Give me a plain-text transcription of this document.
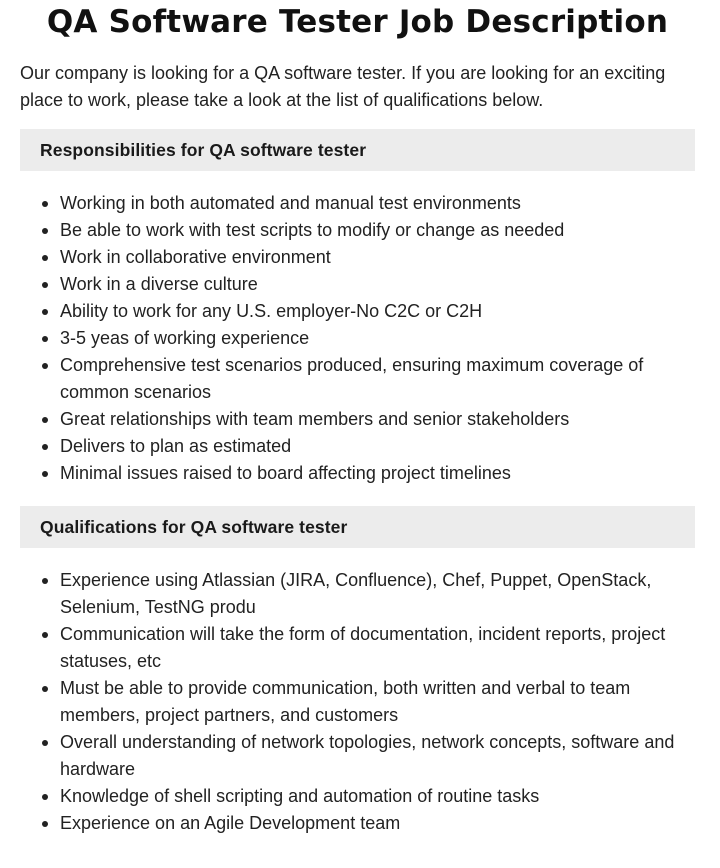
QA Software Tester Job Description

Our company is looking for a QA software tester. If you are looking for an exciting place to work, please take a look at the list of qualifications below.

Responsibilities for QA software tester
Working in both automated and manual test environments
Be able to work with test scripts to modify or change as needed
Work in collaborative environment
Work in a diverse culture
Ability to work for any U.S. employer-No C2C or C2H
3-5 yeas of working experience
Comprehensive test scenarios produced, ensuring maximum coverage of common scenarios
Great relationships with team members and senior stakeholders
Delivers to plan as estimated
Minimal issues raised to board affecting project timelines
Qualifications for QA software tester
Experience using Atlassian (JIRA, Confluence), Chef, Puppet, OpenStack, Selenium, TestNG produ
Communication will take the form of documentation, incident reports, project statuses, etc
Must be able to provide communication, both written and verbal to team members, project partners, and customers
Overall understanding of network topologies, network concepts, software and hardware
Knowledge of shell scripting and automation of routine tasks
Experience on an Agile Development team
